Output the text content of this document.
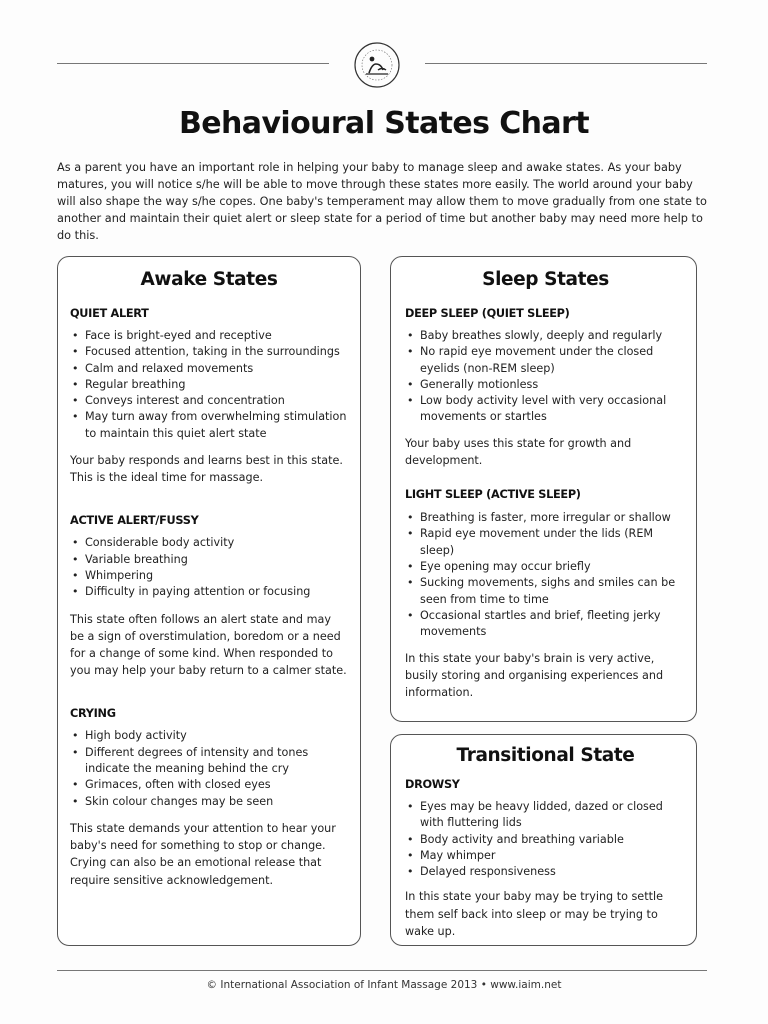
Behavioural States Chart

As a parent you have an important role in helping your baby to manage sleep and awake states. As your baby matures, you will notice s/he will be able to move through these states more easily. The world around your baby will also shape the way s/he copes. One baby's temperament may allow them to move gradually from one state to another and maintain their quiet alert or sleep state for a period of time but another baby may need more help to do this.

Awake States
QUIET ALERT
• Face is bright-eyed and receptive
• Focused attention, taking in the surroundings
• Calm and relaxed movements
• Regular breathing
• Conveys interest and concentration
• May turn away from overwhelming stimulation to maintain this quiet alert state

Your baby responds and learns best in this state. This is the ideal time for massage.

ACTIVE ALERT/FUSSY
• Considerable body activity
• Variable breathing
• Whimpering
• Difficulty in paying attention or focusing

This state often follows an alert state and may be a sign of overstimulation, boredom or a need for a change of some kind. When responded to you may help your baby return to a calmer state.

CRYING
• High body activity
• Different degrees of intensity and tones indicate the meaning behind the cry
• Grimaces, often with closed eyes
• Skin colour changes may be seen

This state demands your attention to hear your baby's need for something to stop or change. Crying can also be an emotional release that require sensitive acknowledgement.

Sleep States
DEEP SLEEP (QUIET SLEEP)
• Baby breathes slowly, deeply and regularly
• No rapid eye movement under the closed eyelids (non-REM sleep)
• Generally motionless
• Low body activity level with very occasional movements or startles

Your baby uses this state for growth and development.

LIGHT SLEEP (ACTIVE SLEEP)
• Breathing is faster, more irregular or shallow
• Rapid eye movement under the lids (REM sleep)
• Eye opening may occur briefly
• Sucking movements, sighs and smiles can be seen from time to time
• Occasional startles and brief, fleeting jerky movements

In this state your baby's brain is very active, busily storing and organising experiences and information.

Transitional State
DROWSY
• Eyes may be heavy lidded, dazed or closed with fluttering lids
• Body activity and breathing variable
• May whimper
• Delayed responsiveness

In this state your baby may be trying to settle them self back into sleep or may be trying to wake up.

© International Association of Infant Massage 2013 • www.iaim.net
